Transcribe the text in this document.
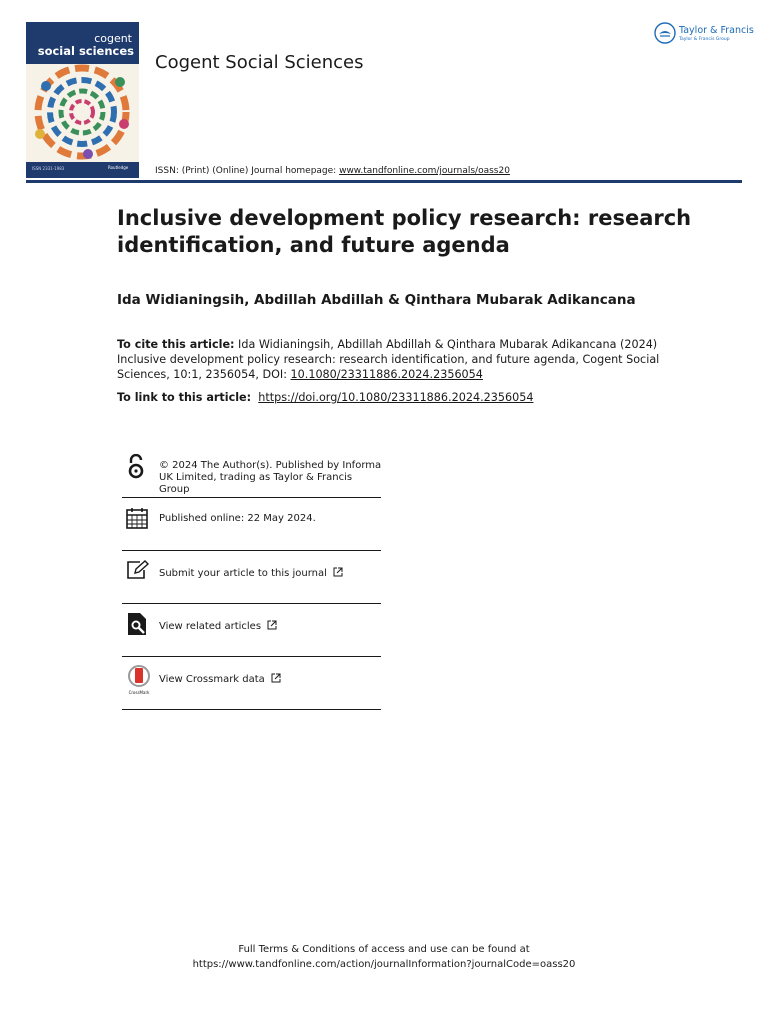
cogent
social sciences
ISSN 2331-1983	Routledge
Cogent Social Sciences
ISSN: (Print) (Online) Journal homepage: www.tandfonline.com/journals/oass20
Taylor & Francis
Taylor & Francis Group
Inclusive development policy research: research identification, and future agenda
Ida Widianingsih, Abdillah Abdillah & Qinthara Mubarak Adikancana
To cite this article: Ida Widianingsih, Abdillah Abdillah & Qinthara Mubarak Adikancana (2024) Inclusive development policy research: research identification, and future agenda, Cogent Social Sciences, 10:1, 2356054, DOI: 10.1080/23311886.2024.2356054
To link to this article: https://doi.org/10.1080/23311886.2024.2356054
© 2024 The Author(s). Published by Informa UK Limited, trading as Taylor & Francis Group
Published online: 22 May 2024.
Submit your article to this journal
View related articles
CrossMark
View Crossmark data
Full Terms & Conditions of access and use can be found at
https://www.tandfonline.com/action/journalInformation?journalCode=oass20
